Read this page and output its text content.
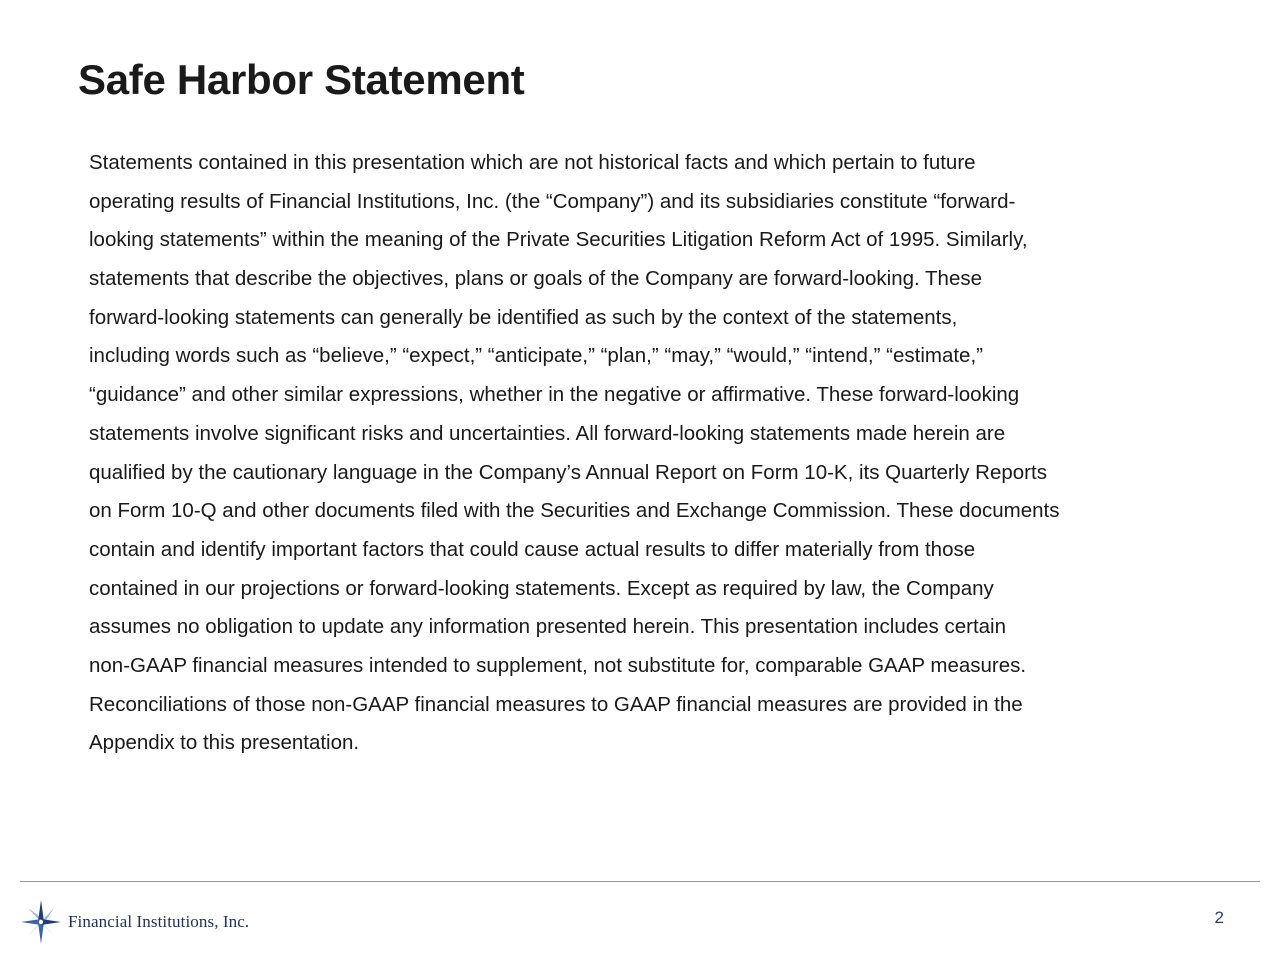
Safe Harbor Statement
Statements contained in this presentation which are not historical facts and which pertain to future
operating results of Financial Institutions, Inc. (the “Company”) and its subsidiaries constitute “forward-
looking statements” within the meaning of the Private Securities Litigation Reform Act of 1995. Similarly,
statements that describe the objectives, plans or goals of the Company are forward-looking. These
forward-looking statements can generally be identified as such by the context of the statements,
including words such as “believe,” “expect,” “anticipate,” “plan,” “may,” “would,” “intend,” “estimate,”
“guidance” and other similar expressions, whether in the negative or affirmative. These forward-looking
statements involve significant risks and uncertainties. All forward-looking statements made herein are
qualified by the cautionary language in the Company’s Annual Report on Form 10-K, its Quarterly Reports
on Form 10-Q and other documents filed with the Securities and Exchange Commission. These documents
contain and identify important factors that could cause actual results to differ materially from those
contained in our projections or forward-looking statements. Except as required by law, the Company
assumes no obligation to update any information presented herein. This presentation includes certain
non-GAAP financial measures intended to supplement, not substitute for, comparable GAAP measures.
Reconciliations of those non-GAAP financial measures to GAAP financial measures are provided in the
Appendix to this presentation.
Financial Institutions, Inc.	2
